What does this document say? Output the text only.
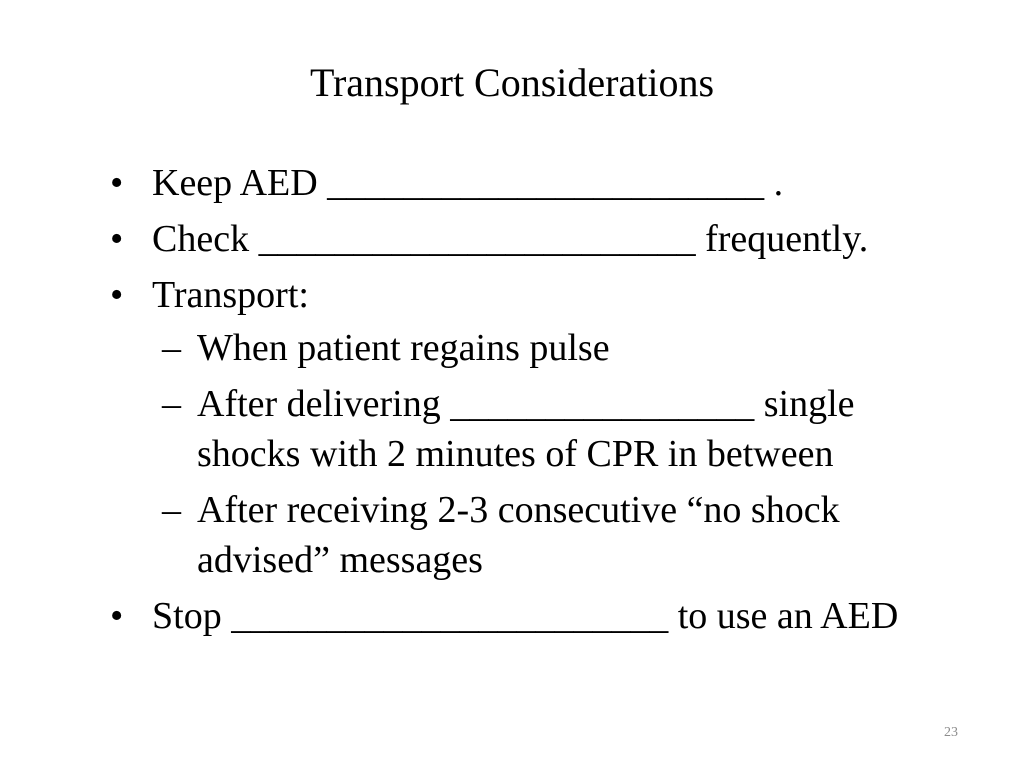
Transport Considerations
• Keep AED _______________________ .
• Check _______________________ frequently.
• Transport:
– When patient regains pulse
– After delivering ________________ single shocks with 2 minutes of CPR in between
– After receiving 2-3 consecutive “no shock advised” messages
• Stop _______________________ to use an AED
23
